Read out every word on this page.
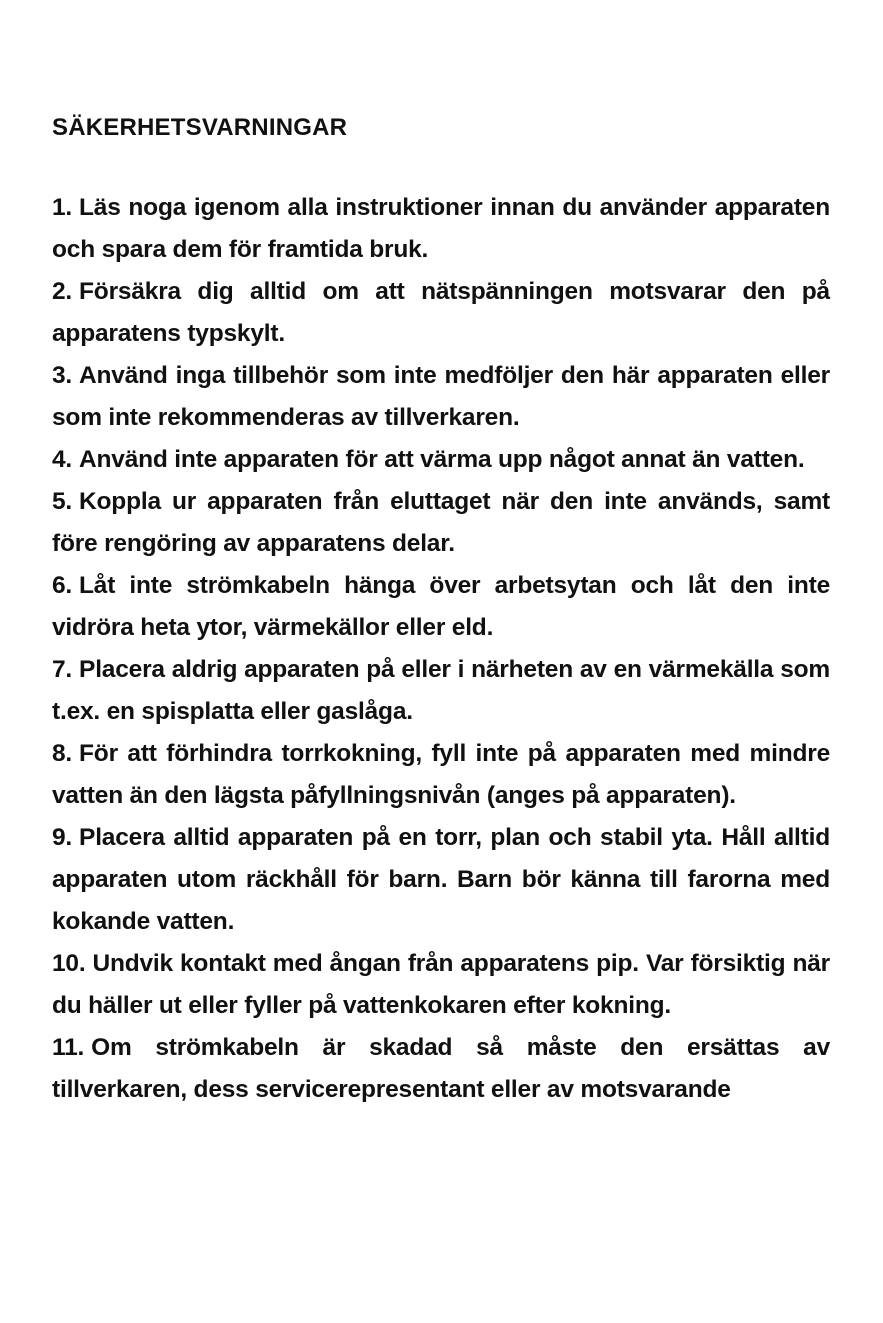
SÄKERHETSVARNINGAR

1. Läs noga igenom alla instruktioner innan du använder apparaten och spara dem för framtida bruk.

2. Försäkra dig alltid om att nätspänningen motsvarar den på apparatens typskylt.

3. Använd inga tillbehör som inte medföljer den här apparaten eller som inte rekommenderas av tillverkaren.

4. Använd inte apparaten för att värma upp något annat än vatten.

5. Koppla ur apparaten från eluttaget när den inte används, samt före rengöring av apparatens delar.

6. Låt inte strömkabeln hänga över arbetsytan och låt den inte vidröra heta ytor, värmekällor eller eld.

7. Placera aldrig apparaten på eller i närheten av en värmekälla som t.ex. en spisplatta eller gaslåga.

8. För att förhindra torrkokning, fyll inte på apparaten med mindre vatten än den lägsta påfyllningsnivån (anges på apparaten).

9. Placera alltid apparaten på en torr, plan och stabil yta. Håll alltid apparaten utom räckhåll för barn. Barn bör känna till farorna med kokande vatten.

10. Undvik kontakt med ångan från apparatens pip. Var försiktig när du häller ut eller fyller på vattenkokaren efter kokning.

11. Om strömkabeln är skadad så måste den ersättas av tillverkaren, dess servicerepresentant eller av motsvarande
